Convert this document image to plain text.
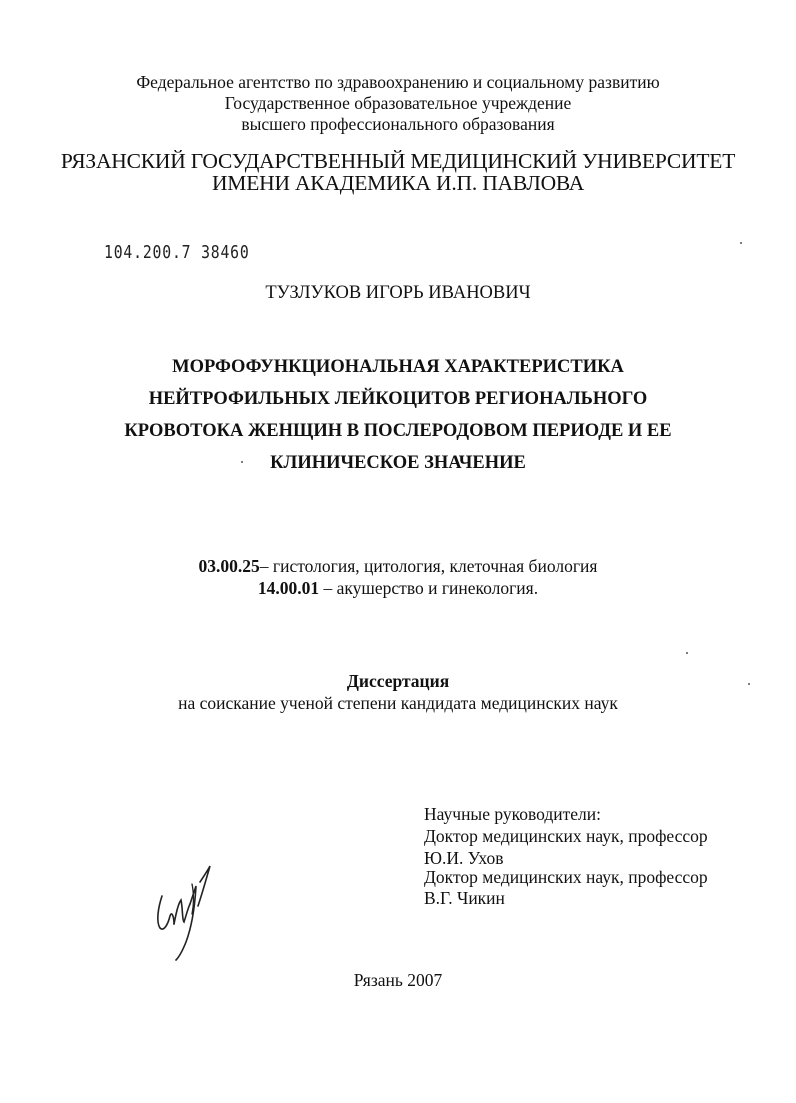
Федеральное агентство по здравоохранению и социальному развитию
Государственное образовательное учреждение
высшего профессионального образования
РЯЗАНСКИЙ ГОСУДАРСТВЕННЫЙ МЕДИЦИНСКИЙ УНИВЕРСИТЕТ
ИМЕНИ АКАДЕМИКА И.П. ПАВЛОВА
104.200.7 38460
ТУЗЛУКОВ ИГОРЬ ИВАНОВИЧ
МОРФОФУНКЦИОНАЛЬНАЯ ХАРАКТЕРИСТИКА
НЕЙТРОФИЛЬНЫХ ЛЕЙКОЦИТОВ РЕГИОНАЛЬНОГО
КРОВОТОКА ЖЕНЩИН В ПОСЛЕРОДОВОМ ПЕРИОДЕ И ЕЕ
КЛИНИЧЕСКОЕ ЗНАЧЕНИЕ
03.00.25– гистология, цитология, клеточная биология
14.00.01 – акушерство и гинекология.
Диссертация
на соискание ученой степени кандидата медицинских наук
Научные руководители:
Доктор медицинских наук, профессор
Ю.И. Ухов
Доктор медицинских наук, профессор
В.Г. Чикин
Рязань 2007
